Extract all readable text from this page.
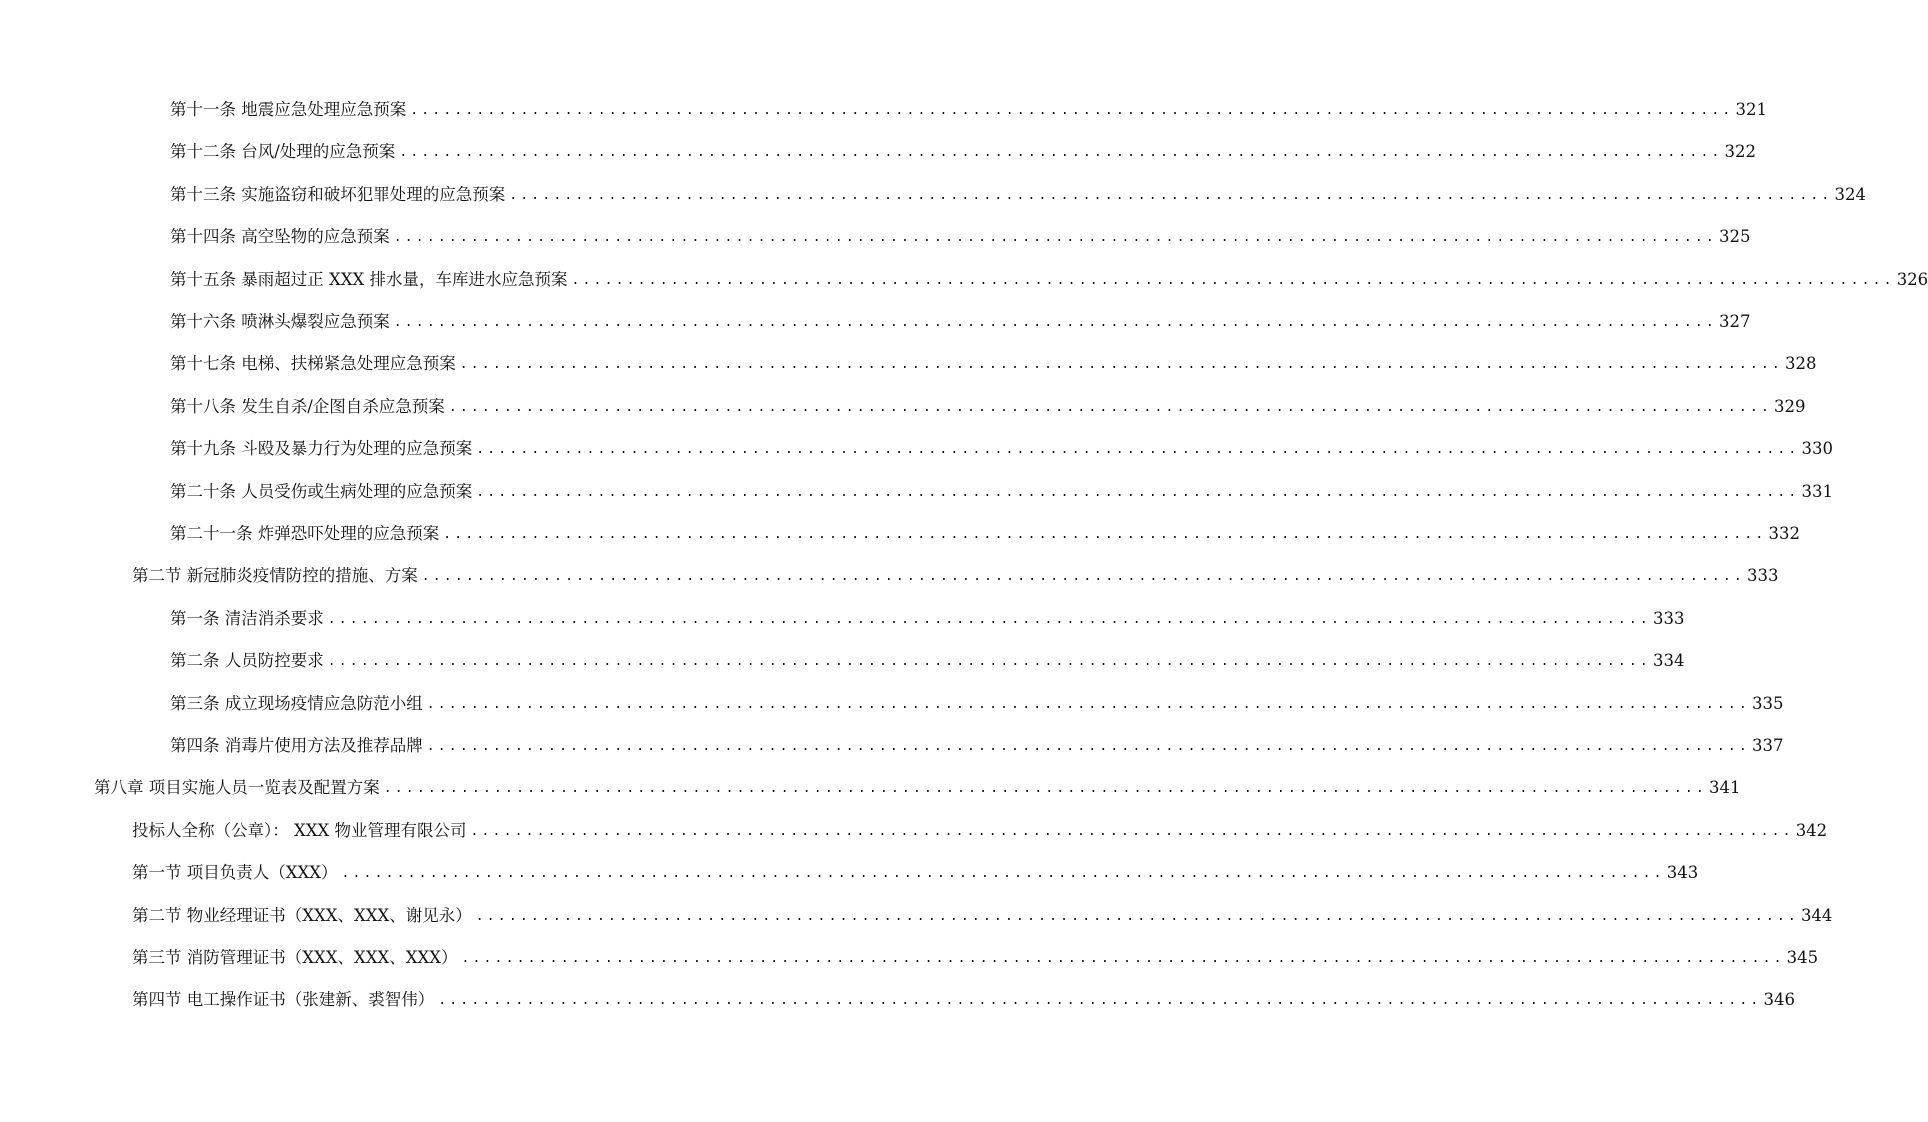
第十一条 地震应急处理应急预案 ........................................................................................................................ 321
第十二条 台风/处理的应急预案 ........................................................................................................................ 322
第十三条 实施盗窃和破坏犯罪处理的应急预案 ........................................................................................................................ 324
第十四条 高空坠物的应急预案 ........................................................................................................................ 325
第十五条 暴雨超过正 XXX 排水量，车库进水应急预案 ........................................................................................................................ 326
第十六条 喷淋头爆裂应急预案 ........................................................................................................................ 327
第十七条 电梯、扶梯紧急处理应急预案 ........................................................................................................................ 328
第十八条 发生自杀/企图自杀应急预案 ........................................................................................................................ 329
第十九条 斗殴及暴力行为处理的应急预案 ........................................................................................................................ 330
第二十条 人员受伤或生病处理的应急预案 ........................................................................................................................ 331
第二十一条 炸弹恐吓处理的应急预案 ........................................................................................................................ 332
第二节 新冠肺炎疫情防控的措施、方案 ........................................................................................................................ 333
第一条 清洁消杀要求 ........................................................................................................................ 333
第二条 人员防控要求 ........................................................................................................................ 334
第三条 成立现场疫情应急防范小组 ........................................................................................................................ 335
第四条 消毒片使用方法及推荐品牌 ........................................................................................................................ 337
第八章 项目实施人员一览表及配置方案 ........................................................................................................................ 341
投标人全称（公章）： XXX 物业管理有限公司 ........................................................................................................................ 342
第一节 项目负责人（XXX） ........................................................................................................................ 343
第二节 物业经理证书（XXX、XXX、谢见永） ........................................................................................................................ 344
第三节 消防管理证书（XXX、XXX、XXX） ........................................................................................................................ 345
第四节 电工操作证书（张建新、裘智伟） ........................................................................................................................ 346
